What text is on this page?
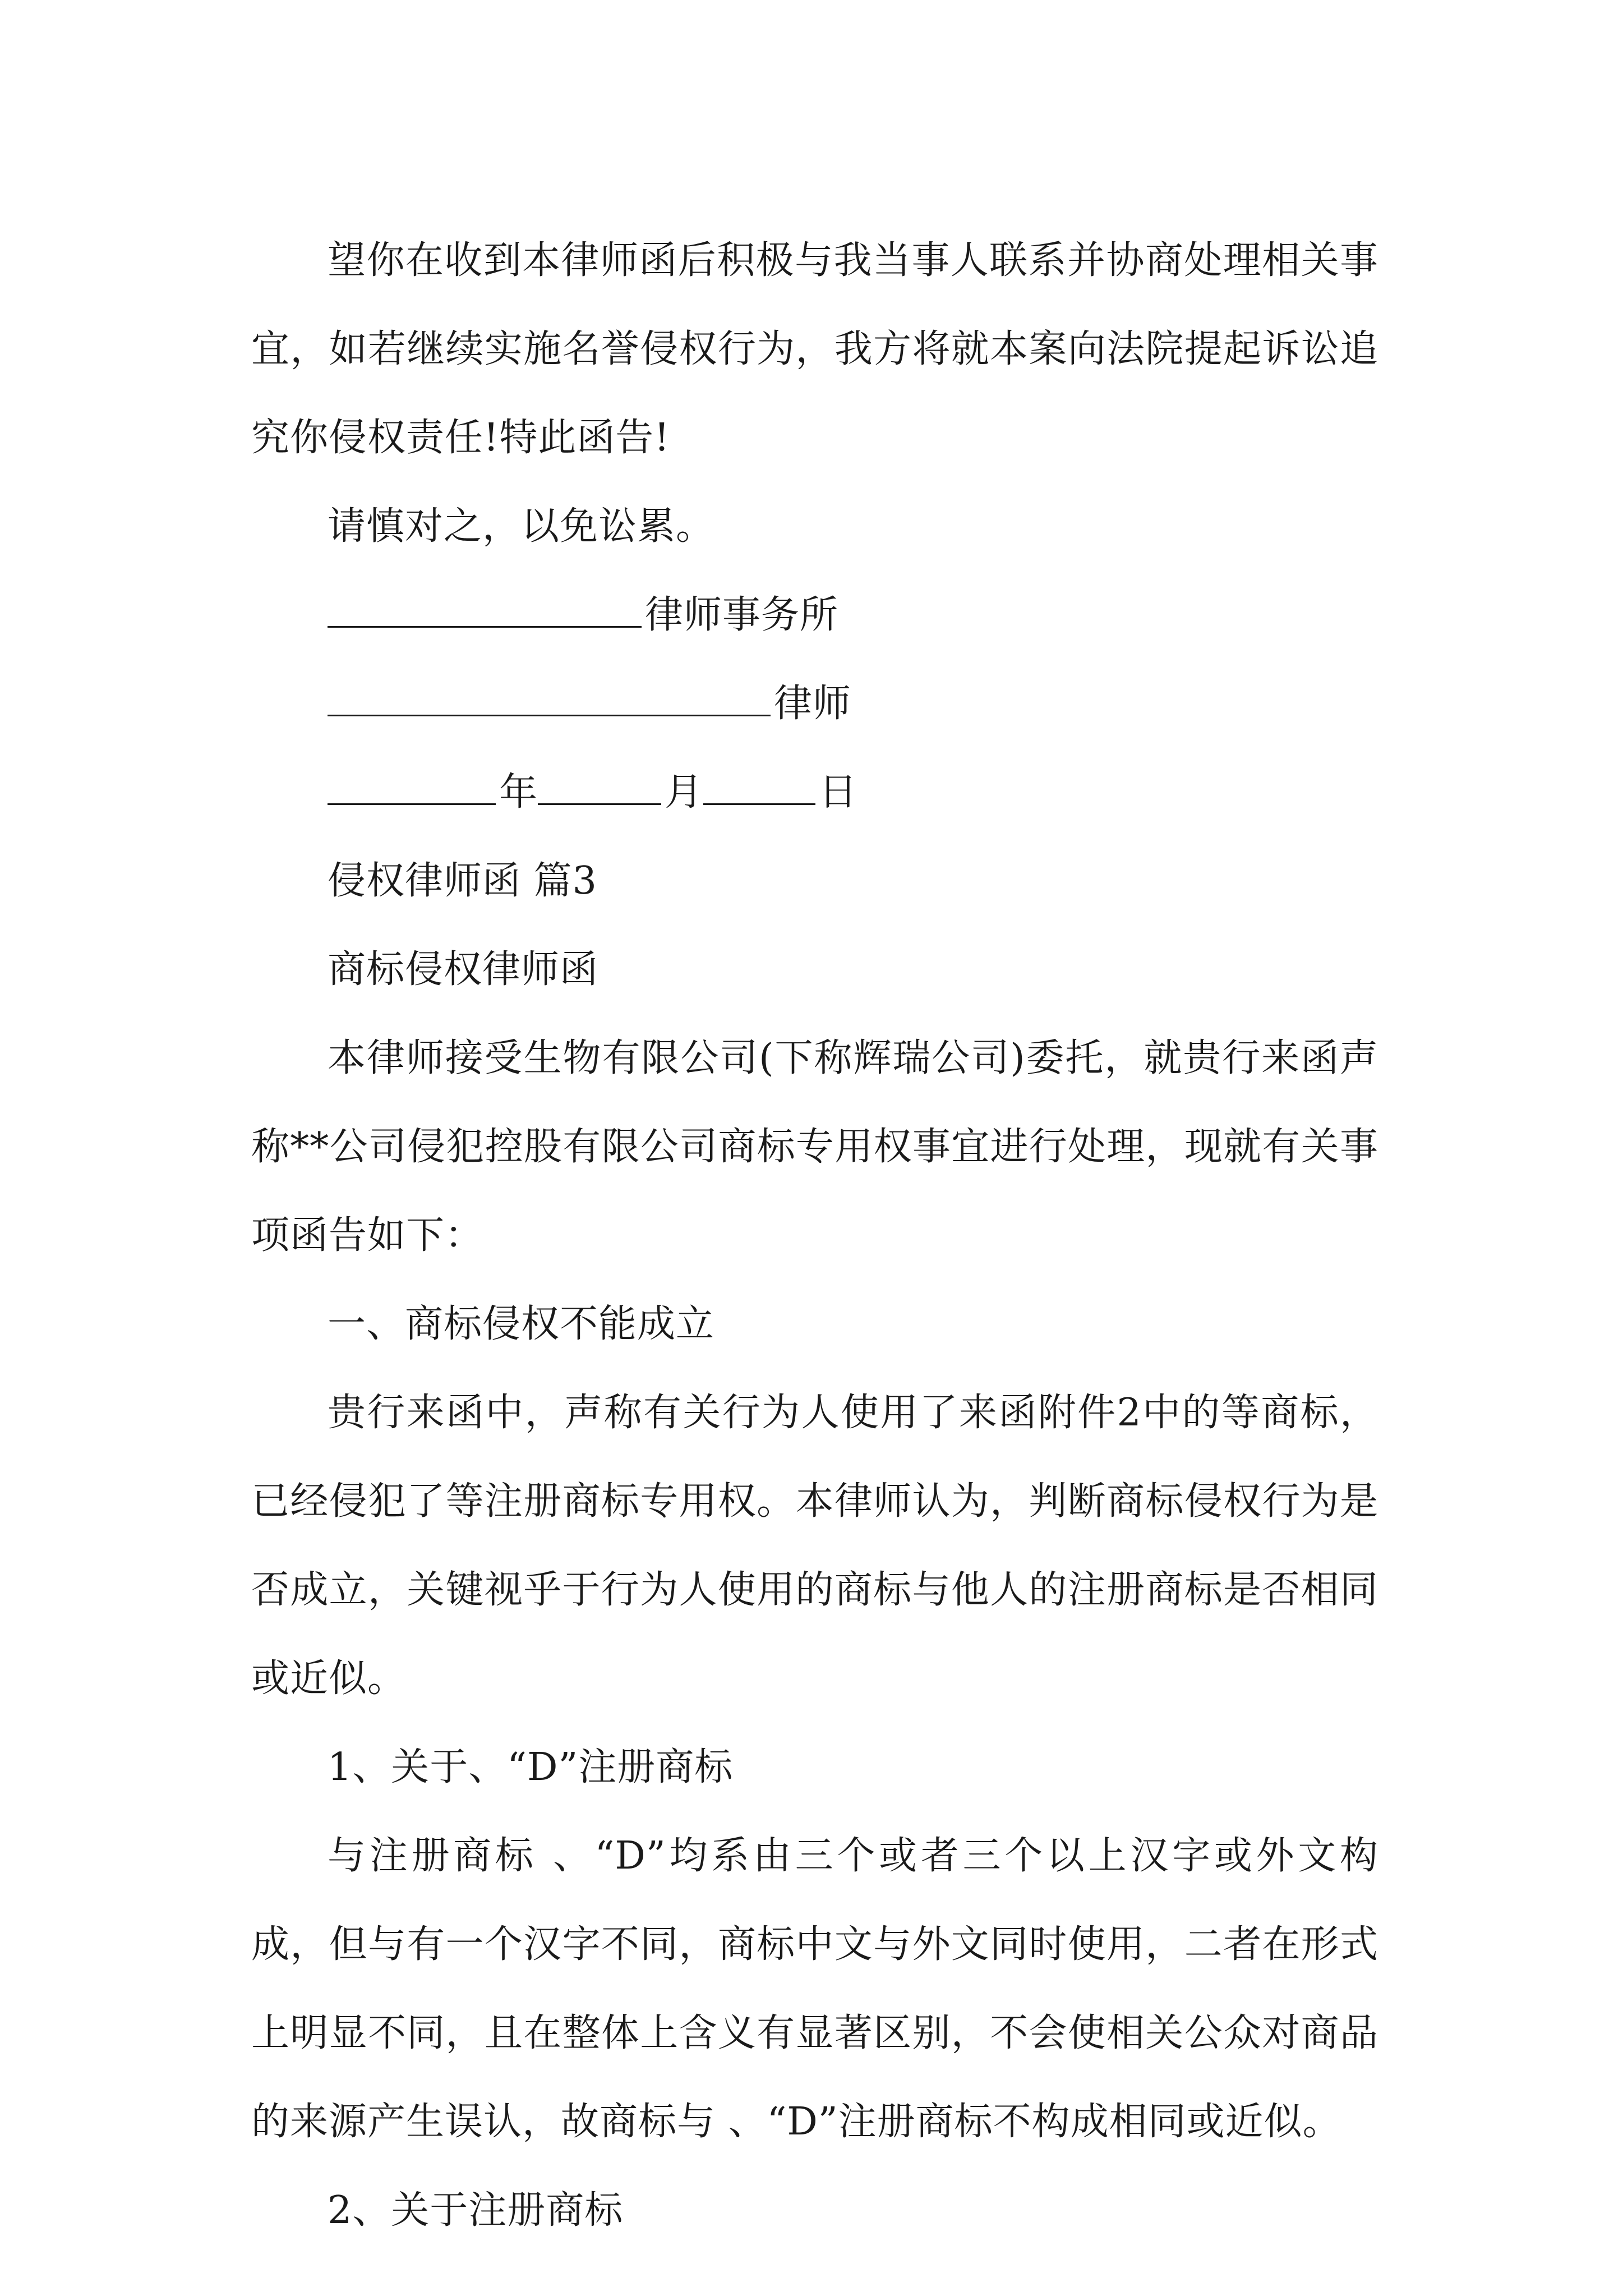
望你在收到本律师函后积极与我当事人联系并协商处理相关事宜，如若继续实施名誉侵权行为，我方将就本案向法院提起诉讼追究你侵权责任!特此函告!

请慎对之，以免讼累。

律师事务所

律师

年	月	日

侵权律师函 篇3

商标侵权律师函

本律师接受生物有限公司(下称辉瑞公司)委托，就贵行来函声称**公司侵犯控股有限公司商标专用权事宜进行处理，现就有关事项函告如下：

一、商标侵权不能成立

贵行来函中，声称有关行为人使用了来函附件2中的等商标，已经侵犯了等注册商标专用权。本律师认为，判断商标侵权行为是否成立，关键视乎于行为人使用的商标与他人的注册商标是否相同或近似。

1、关于、“D”注册商标

与注册商标 、“D”均系由三个或者三个以上汉字或外文构成，但与有一个汉字不同，商标中文与外文同时使用，二者在形式上明显不同，且在整体上含义有显著区别，不会使相关公众对商品的来源产生误认，故商标与 、“D”注册商标不构成相同或近似。

2、关于注册商标
